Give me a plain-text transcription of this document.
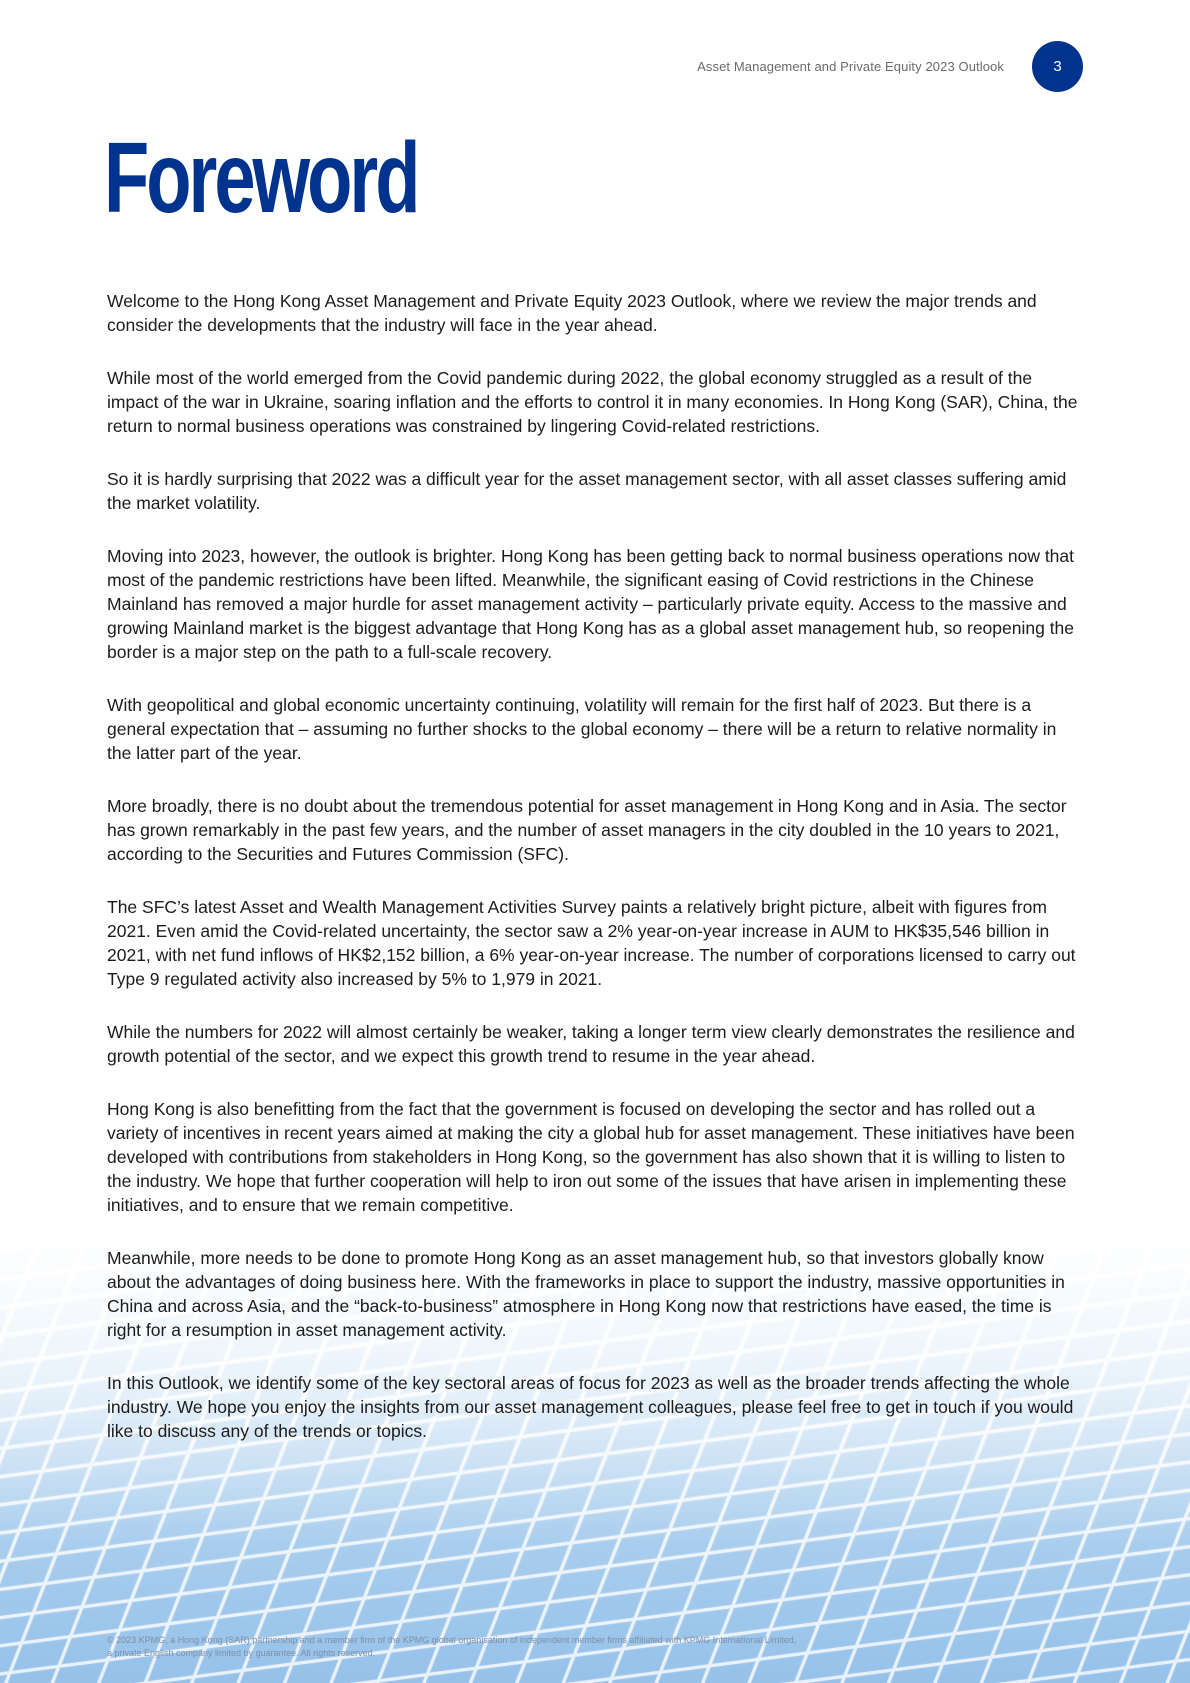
Asset Management and Private Equity 2023 Outlook	3
Foreword

Welcome to the Hong Kong Asset Management and Private Equity 2023 Outlook, where we review the major trends and consider the developments that the industry will face in the year ahead.

While most of the world emerged from the Covid pandemic during 2022, the global economy struggled as a result of the impact of the war in Ukraine, soaring inflation and the efforts to control it in many economies. In Hong Kong (SAR), China, the return to normal business operations was constrained by lingering Covid-related restrictions.

So it is hardly surprising that 2022 was a difficult year for the asset management sector, with all asset classes suffering amid the market volatility.

Moving into 2023, however, the outlook is brighter. Hong Kong has been getting back to normal business operations now that most of the pandemic restrictions have been lifted. Meanwhile, the significant easing of Covid restrictions in the Chinese Mainland has removed a major hurdle for asset management activity – particularly private equity. Access to the massive and growing Mainland market is the biggest advantage that Hong Kong has as a global asset management hub, so reopening the border is a major step on the path to a full-scale recovery.

With geopolitical and global economic uncertainty continuing, volatility will remain for the first half of 2023. But there is a general expectation that – assuming no further shocks to the global economy – there will be a return to relative normality in the latter part of the year.

More broadly, there is no doubt about the tremendous potential for asset management in Hong Kong and in Asia. The sector has grown remarkably in the past few years, and the number of asset managers in the city doubled in the 10 years to 2021, according to the Securities and Futures Commission (SFC).

The SFC’s latest Asset and Wealth Management Activities Survey paints a relatively bright picture, albeit with figures from 2021. Even amid the Covid-related uncertainty, the sector saw a 2% year-on-year increase in AUM to HK$35,546 billion in 2021, with net fund inflows of HK$2,152 billion, a 6% year-on-year increase. The number of corporations licensed to carry out Type 9 regulated activity also increased by 5% to 1,979 in 2021.

While the numbers for 2022 will almost certainly be weaker, taking a longer term view clearly demonstrates the resilience and growth potential of the sector, and we expect this growth trend to resume in the year ahead.

Hong Kong is also benefitting from the fact that the government is focused on developing the sector and has rolled out a variety of incentives in recent years aimed at making the city a global hub for asset management. These initiatives have been developed with contributions from stakeholders in Hong Kong, so the government has also shown that it is willing to listen to the industry. We hope that further cooperation will help to iron out some of the issues that have arisen in implementing these initiatives, and to ensure that we remain competitive.

Meanwhile, more needs to be done to promote Hong Kong as an asset management hub, so that investors globally know about the advantages of doing business here. With the frameworks in place to support the industry, massive opportunities in China and across Asia, and the “back-to-business” atmosphere in Hong Kong now that restrictions have eased, the time is right for a resumption in asset management activity.

In this Outlook, we identify some of the key sectoral areas of focus for 2023 as well as the broader trends affecting the whole industry. We hope you enjoy the insights from our asset management colleagues, please feel free to get in touch if you would like to discuss any of the trends or topics.

© 2023 KPMG, a Hong Kong (SAR) partnership and a member firm of the KPMG global organisation of independent member firms affiliated with KPMG International Limited,
a private English company limited by guarantee. All rights reserved.
